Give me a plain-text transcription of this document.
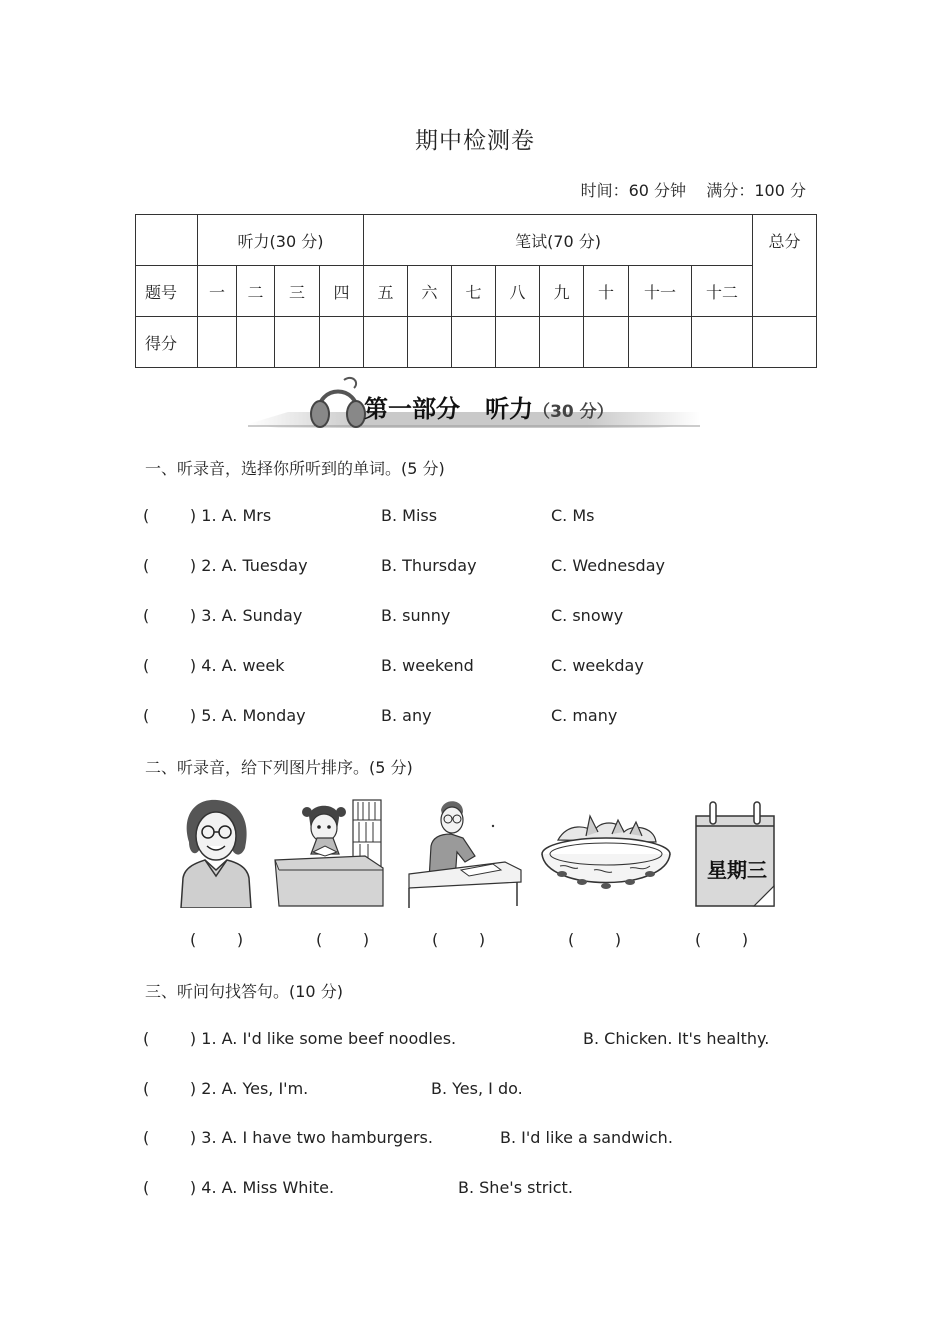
期中检测卷
时间：60 分钟    满分：100 分
	听力(30 分)				笔试(70 分)								总分
题号	一	二	三	四	五	六	七	八	九	十	十一	十二	
得分													
第一部分   听力（30 分）
一、听录音，选择你所听到的单词。(5 分)
(        ) 1. A. Mrs	B. Miss	C. Ms
(        ) 2. A. Tuesday	B. Thursday	C. Wednesday
(        ) 3. A. Sunday	B. sunny	C. snowy
(        ) 4. A. week	B. weekend	C. weekday
(        ) 5. A. Monday	B. any	C. many
二、听录音，给下列图片排序。(5 分)
星期三
(        )	(        )	(        )	(        )	(        )
三、听问句找答句。(10 分)
(        ) 1. A. I'd like some beef noodles.	B. Chicken. It's healthy.
(        ) 2. A. Yes, I'm.	B. Yes, I do.
(        ) 3. A. I have two hamburgers.	B. I'd like a sandwich.
(        ) 4. A. Miss White.	B. She's strict.
